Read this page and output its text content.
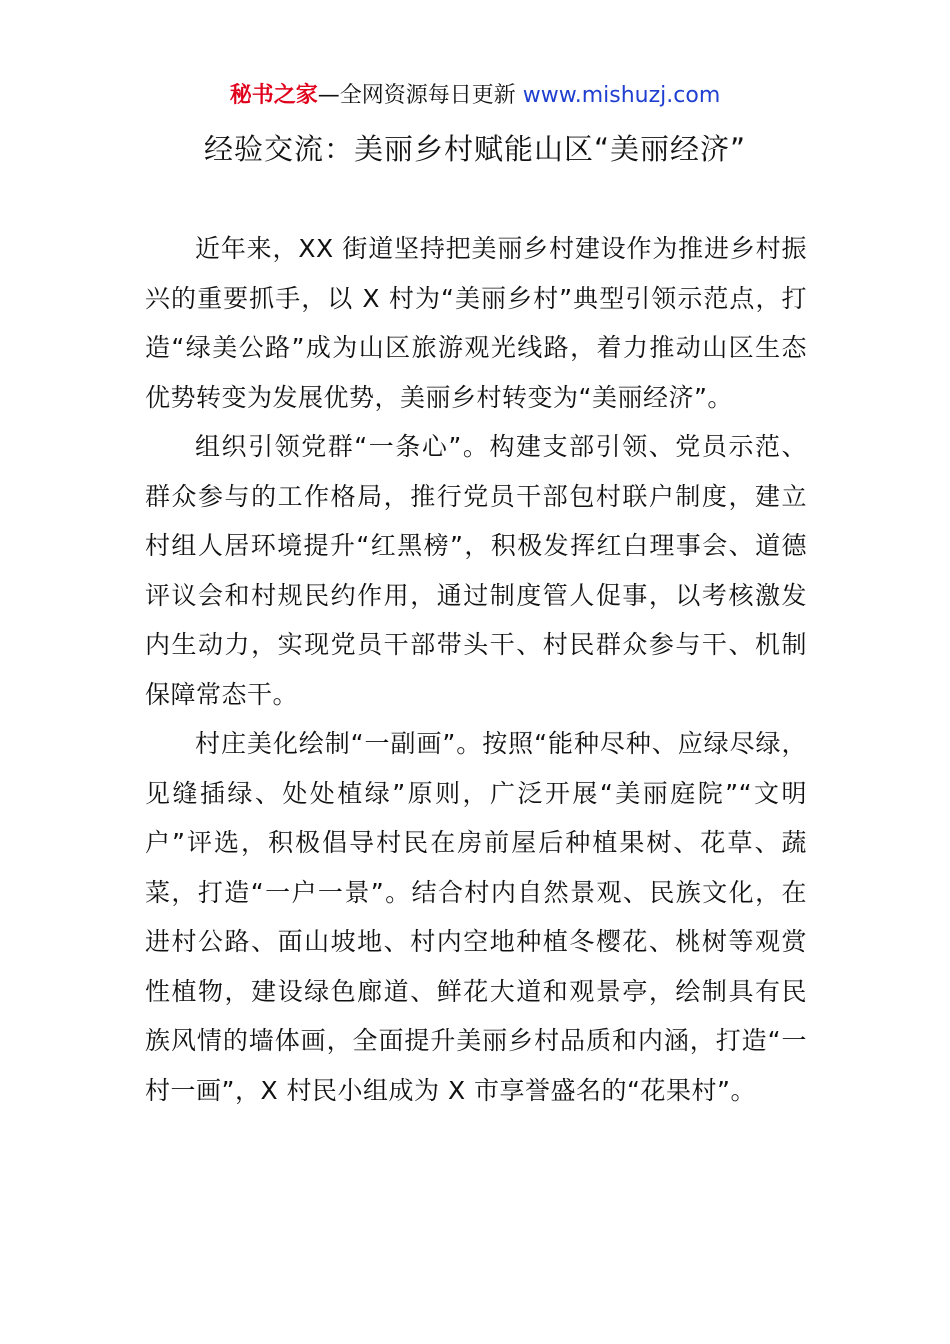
秘书之家—全网资源每日更新 www.mishuzj.com
经验交流：美丽乡村赋能山区“美丽经济”

近年来，XX 街道坚持把美丽乡村建设作为推进乡村振兴的重要抓手，以 X 村为“美丽乡村”典型引领示范点，打造“绿美公路”成为山区旅游观光线路，着力推动山区生态优势转变为发展优势，美丽乡村转变为“美丽经济”。

组织引领党群“一条心”。构建支部引领、党员示范、群众参与的工作格局，推行党员干部包村联户制度，建立村组人居环境提升“红黑榜”，积极发挥红白理事会、道德评议会和村规民约作用，通过制度管人促事，以考核激发内生动力，实现党员干部带头干、村民群众参与干、机制保障常态干。

村庄美化绘制“一副画”。按照“能种尽种、应绿尽绿，见缝插绿、处处植绿”原则，广泛开展“美丽庭院”“文明户”评选，积极倡导村民在房前屋后种植果树、花草、蔬菜，打造“一户一景”。结合村内自然景观、民族文化，在进村公路、面山坡地、村内空地种植冬樱花、桃树等观赏性植物，建设绿色廊道、鲜花大道和观景亭，绘制具有民族风情的墙体画，全面提升美丽乡村品质和内涵，打造“一村一画”，X 村民小组成为 X 市享誉盛名的“花果村”。
